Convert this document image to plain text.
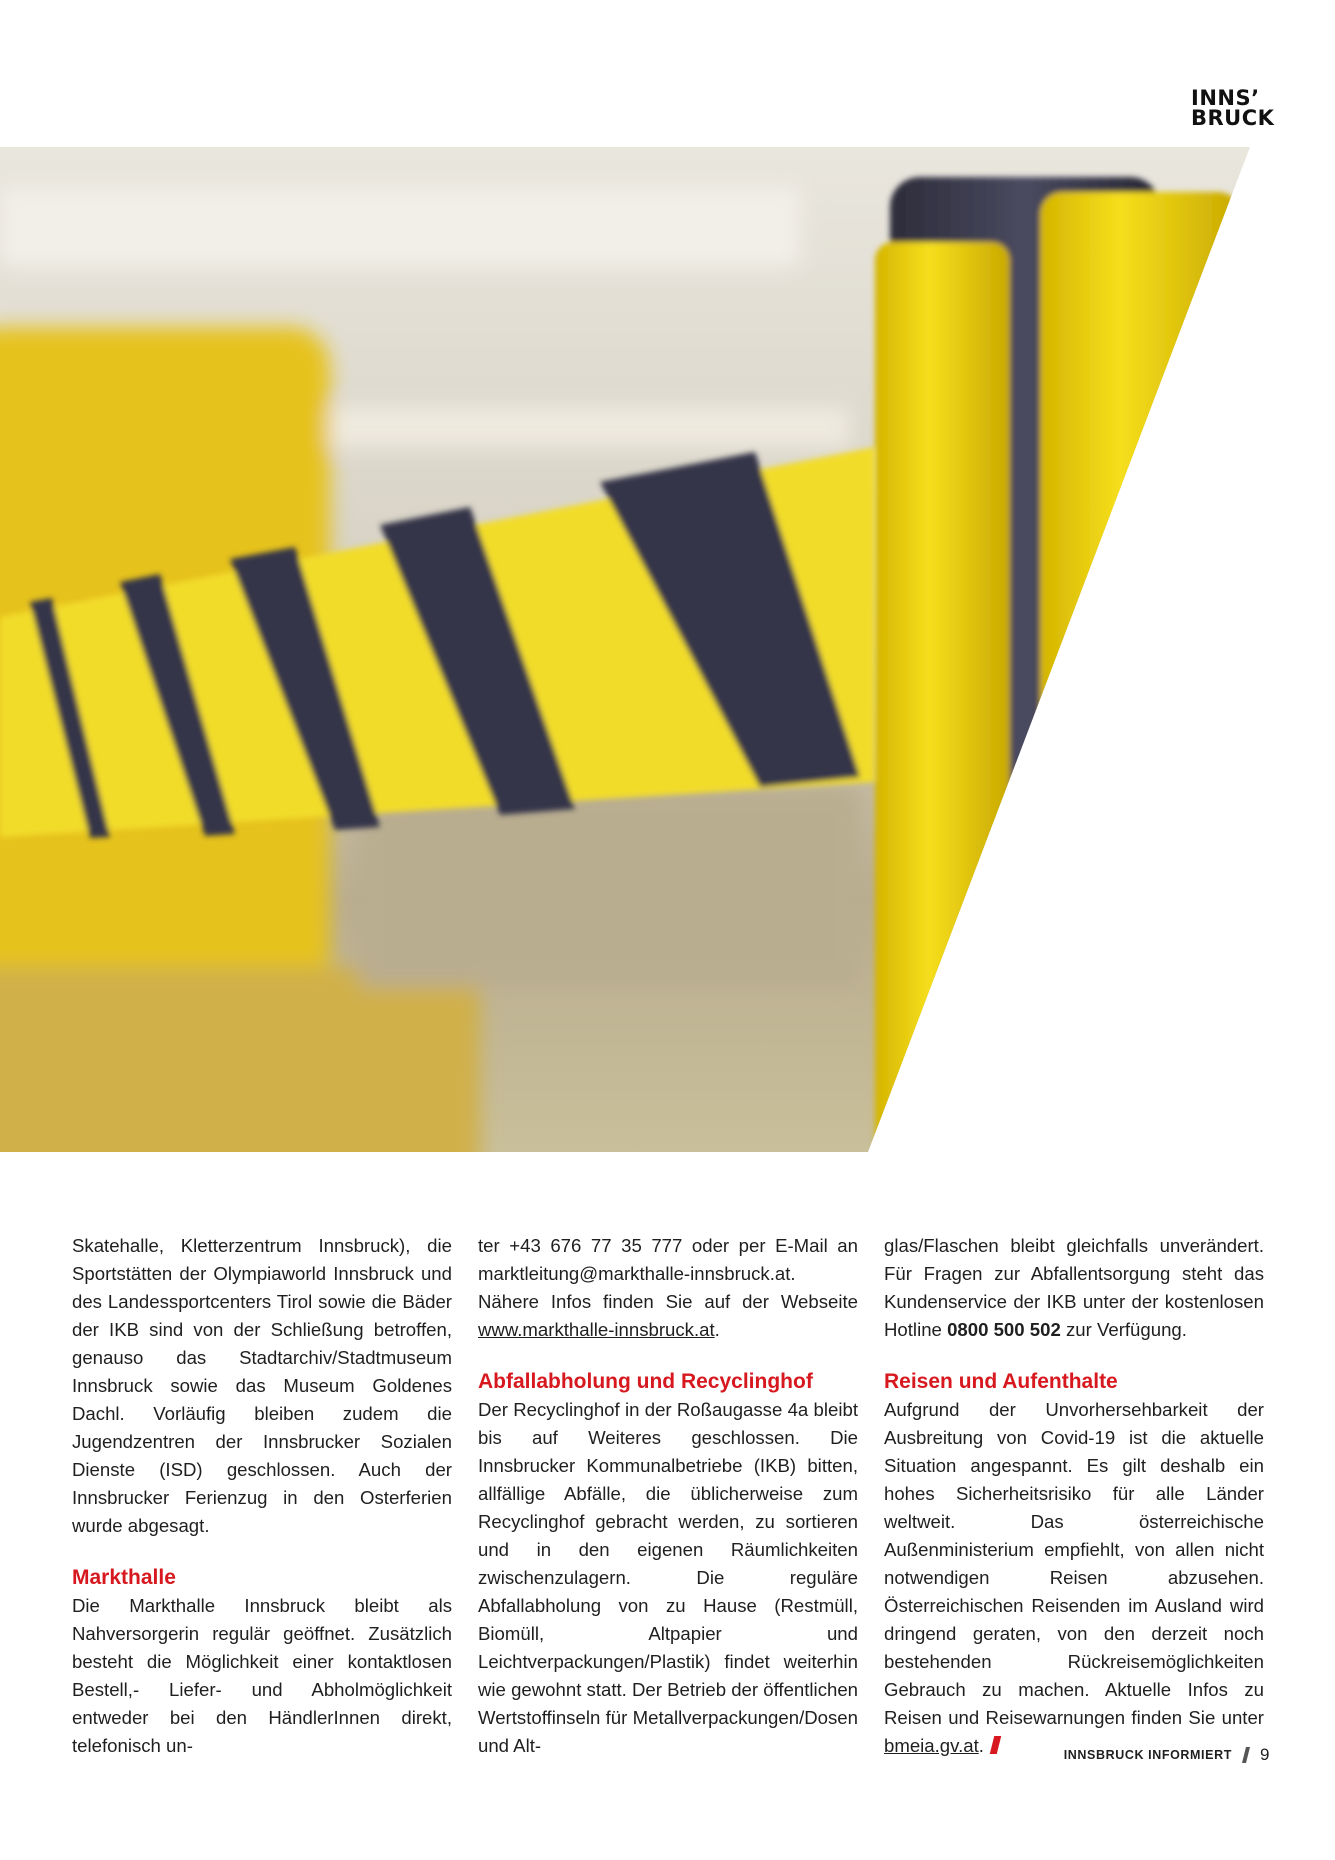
INNS’
BRUCK

Skatehalle, Kletterzentrum Innsbruck), die Sportstätten der Olympiaworld Innsbruck und des Landessportcenters Tirol sowie die Bäder der IKB sind von der Schließung betroffen, genauso das Stadtarchiv/Stadtmuseum Innsbruck sowie das Museum Goldenes Dachl. Vorläufig bleiben zudem die Jugendzentren der Innsbrucker Sozialen Dienste (ISD) geschlossen. Auch der Innsbrucker Ferienzug in den Osterferien wurde abgesagt.

Markthalle

Die Markthalle Innsbruck bleibt als Nahversorgerin regulär geöffnet. Zusätzlich besteht die Möglichkeit einer kontaktlosen Bestell,- Liefer- und Abholmöglichkeit entweder bei den HändlerInnen direkt, telefonisch un-

ter +43 676 77 35 777 oder per E-Mail an marktleitung@markthalle-innsbruck.at. Nähere Infos finden Sie auf der Webseite www.markthalle-innsbruck.at.

Abfallabholung und Recyclinghof

Der Recyclinghof in der Roßaugasse 4a bleibt bis auf Weiteres geschlossen. Die Innsbrucker Kommunalbetriebe (IKB) bitten, allfällige Abfälle, die üblicherweise zum Recyclinghof gebracht werden, zu sortieren und in den eigenen Räumlichkeiten zwischenzulagern. Die reguläre Abfallabholung von zu Hause (Restmüll, Biomüll, Altpapier und Leichtverpackungen/Plastik) findet weiterhin wie gewohnt statt. Der Betrieb der öffentlichen Wertstoffinseln für Metallverpackungen/Dosen und Alt-

glas/Flaschen bleibt gleichfalls unverändert. Für Fragen zur Abfallentsorgung steht das Kundenservice der IKB unter der kostenlosen Hotline 0800 500 502 zur Verfügung.

Reisen und Aufenthalte

Aufgrund der Unvorhersehbarkeit der Ausbreitung von Covid-19 ist die aktuelle Situation angespannt. Es gilt deshalb ein hohes Sicherheitsrisiko für alle Länder weltweit. Das österreichische Außenministerium empfiehlt, von allen nicht notwendigen Reisen abzusehen. Österreichischen Reisenden im Ausland wird dringend geraten, von den derzeit noch bestehenden Rückreisemöglichkeiten Gebrauch zu machen. Aktuelle Infos zu Reisen und Reisewarnungen finden Sie unter bmeia.gv.at.	INNSBRUCK INFORMIERT 9
